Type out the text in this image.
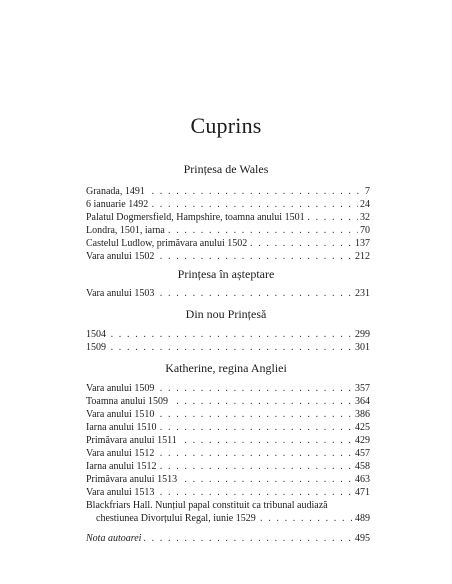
Cuprins
Prințesa de Wales
. . .
Granada, 1491	7
. . .
6 ianuarie 1492	24
. . .
Palatul Dogmersfield, Hampshire, toamna anului 1501	32
. . .
Londra, 1501, iarna	70
. . .
Castelul Ludlow, primăvara anului 1502	137
. . .
Vara anului 1502	212
Prințesa în așteptare
. . .
Vara anului 1503	231
Din nou Prințesă
. . .
1504	299
. . .
1509	301
Katherine, regina Angliei
. . .
Vara anului 1509	357
. . .
Toamna anului 1509	364
. . .
Vara anului 1510	386
. . .
Iarna anului 1510	425
. . .
Primăvara anului 1511	429
. . .
Vara anului 1512	457
. . .
Iarna anului 1512	458
. . .
Primăvara anului 1513	463
. . .
Vara anului 1513	471
Blackfriars Hall. Nunțiul papal constituit ca tribunal audiază
. . .
chestiunea Divorțului Regal, iunie 1529	489
. . .
Nota autoarei	495
